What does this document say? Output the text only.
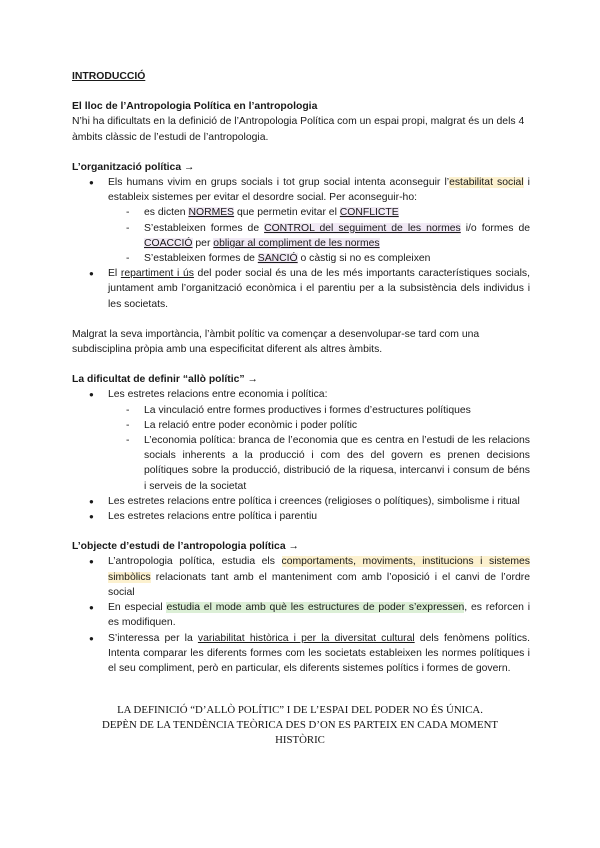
INTRODUCCIÓ

El lloc de l’Antropologia Política en l’antropologia

N’hi ha dificultats en la definició de l’Antropologia Política com un espai propi, malgrat és un dels 4 àmbits clàssic de l’estudi de l’antropologia.

L’organització política →

● Els humans vivim en grups socials i tot grup social intenta aconseguir l’estabilitat social i estableix sistemes per evitar el desordre social. Per aconseguir-ho:
- es dicten NORMES que permetin evitar el CONFLICTE
- S’estableixen formes de CONTROL del seguiment de les normes i/o formes de COACCIÓ per obligar al compliment de les normes
- S’estableixen formes de SANCIÓ o càstig si no es compleixen
● El repartiment i ús del poder social és una de les més importants característiques socials, juntament amb l’organització econòmica i el parentiu per a la subsistència dels individus i les societats.

Malgrat la seva importància, l’àmbit polític va començar a desenvolupar-se tard com una subdisciplina pròpia amb una especificitat diferent als altres àmbits.

La dificultat de definir “allò polític” →

● Les estretes relacions entre economia i política:
- La vinculació entre formes productives i formes d’estructures polítiques
- La relació entre poder econòmic i poder polític
- L’economia política: branca de l’economia que es centra en l’estudi de les relacions socials inherents a la producció i com des del govern es prenen decisions polítiques sobre la producció, distribució de la riquesa, intercanvi i consum de béns i serveis de la societat
● Les estretes relacions entre política i creences (religioses o polítiques), simbolisme i ritual
● Les estretes relacions entre política i parentiu

L’objecte d’estudi de l’antropologia política →

● L’antropologia política, estudia els comportaments, moviments, institucions i sistemes simbòlics relacionats tant amb el manteniment com amb l’oposició i el canvi de l’ordre social
● En especial estudia el mode amb què les estructures de poder s’expressen, es reforcen i es modifiquen.
● S’interessa per la variabilitat històrica i per la diversitat cultural dels fenòmens polítics. Intenta comparar les diferents formes com les societats estableixen les normes polítiques i el seu compliment, però en particular, els diferents sistemes polítics i formes de govern.

LA DEFINICIÓ “D’ALLÒ POLÍTIC” I DE L’ESPAI DEL PODER NO ÉS ÚNICA. DEPÈN DE LA TENDÈNCIA TEÒRICA DES D’ON ES PARTEIX EN CADA MOMENT HISTÒRIC
